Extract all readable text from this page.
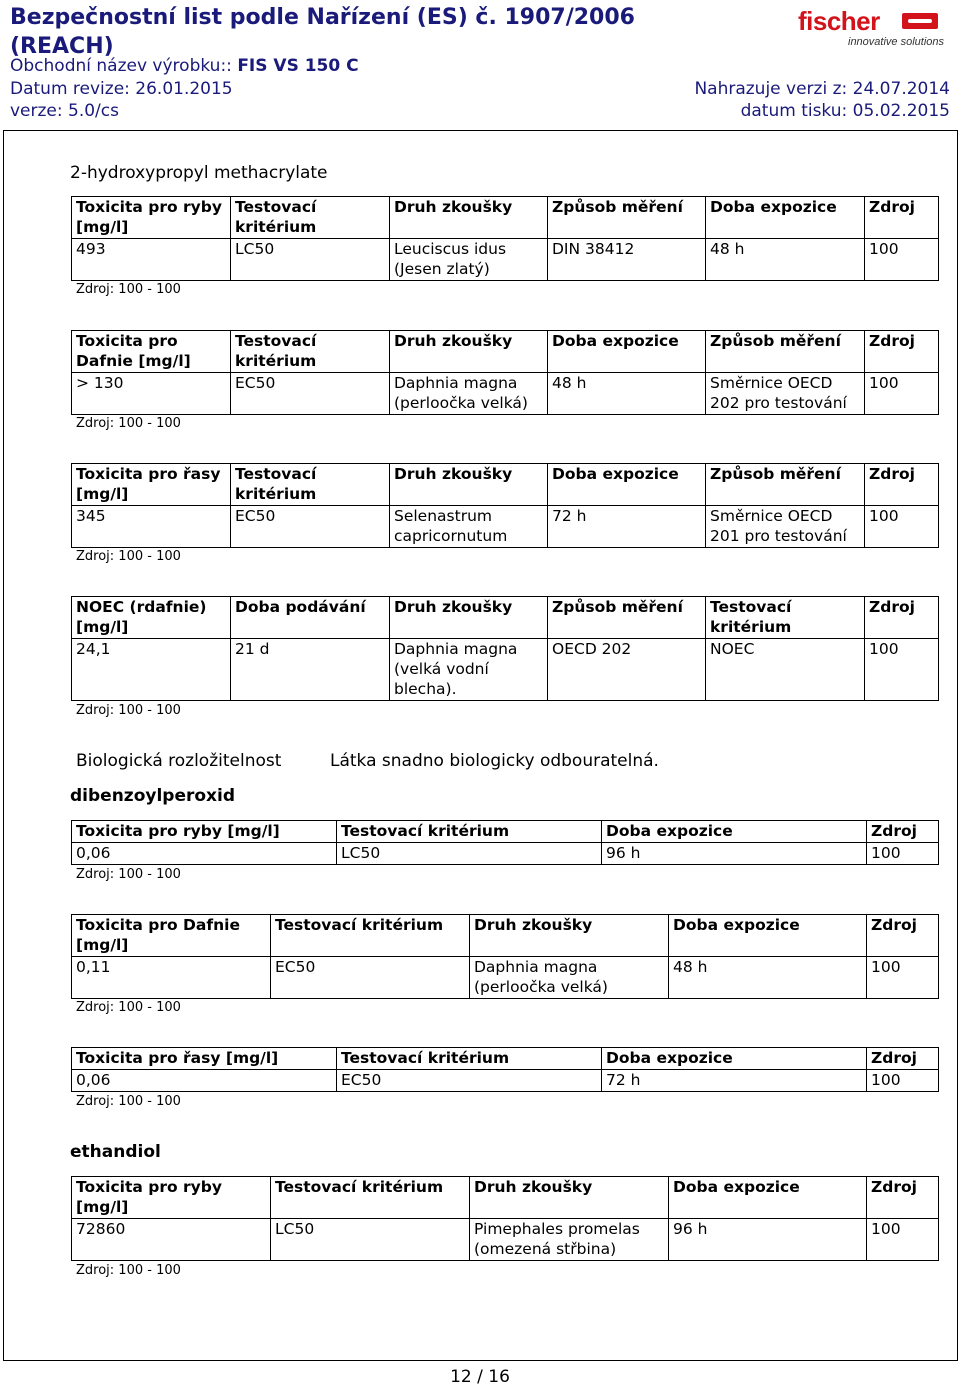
Bezpečnostní list podle Nařízení (ES) č. 1907/2006 (REACH)
Obchodní název výrobku:: FIS VS 150 C
Datum revize: 26.01.2015
verze: 5.0/cs
Nahrazuje verzi z: 24.07.2014
datum tisku: 05.02.2015
fischer
innovative solutions
2-hydroxypropyl methacrylate
Toxicita pro ryby [mg/l]	Testovací kritérium	Druh zkoušky	Způsob měření	Doba expozice	Zdroj
493	LC50	Leuciscus idus (Jesen zlatý)	DIN 38412	48 h	100
Zdroj: 100 - 100
Toxicita pro Dafnie [mg/l]	Testovací kritérium	Druh zkoušky	Doba expozice	Způsob měření	Zdroj
> 130	EC50	Daphnia magna (perloočka velká)	48 h	Směrnice OECD 202 pro testování	100
Zdroj: 100 - 100
Toxicita pro řasy [mg/l]	Testovací kritérium	Druh zkoušky	Doba expozice	Způsob měření	Zdroj
345	EC50	Selenastrum capricornutum	72 h	Směrnice OECD 201 pro testování	100
Zdroj: 100 - 100
NOEC (rdafnie) [mg/l]	Doba podávání	Druh zkoušky	Způsob měření	Testovací kritérium	Zdroj
24,1	21 d	Daphnia magna (velká vodní blecha).	OECD 202	NOEC	100
Zdroj: 100 - 100
Biologická rozložitelnost	Látka snadno biologicky odbouratelná.
dibenzoylperoxid
Toxicita pro ryby [mg/l]	Testovací kritérium	Doba expozice	Zdroj
0,06	LC50	96 h	100
Zdroj: 100 - 100
Toxicita pro Dafnie [mg/l]	Testovací kritérium	Druh zkoušky	Doba expozice	Zdroj
0,11	EC50	Daphnia magna (perloočka velká)	48 h	100
Zdroj: 100 - 100
Toxicita pro řasy [mg/l]	Testovací kritérium	Doba expozice	Zdroj
0,06	EC50	72 h	100
Zdroj: 100 - 100
ethandiol
Toxicita pro ryby [mg/l]	Testovací kritérium	Druh zkoušky	Doba expozice	Zdroj
72860	LC50	Pimephales promelas (omezená střbina)	96 h	100
Zdroj: 100 - 100
12 / 16
